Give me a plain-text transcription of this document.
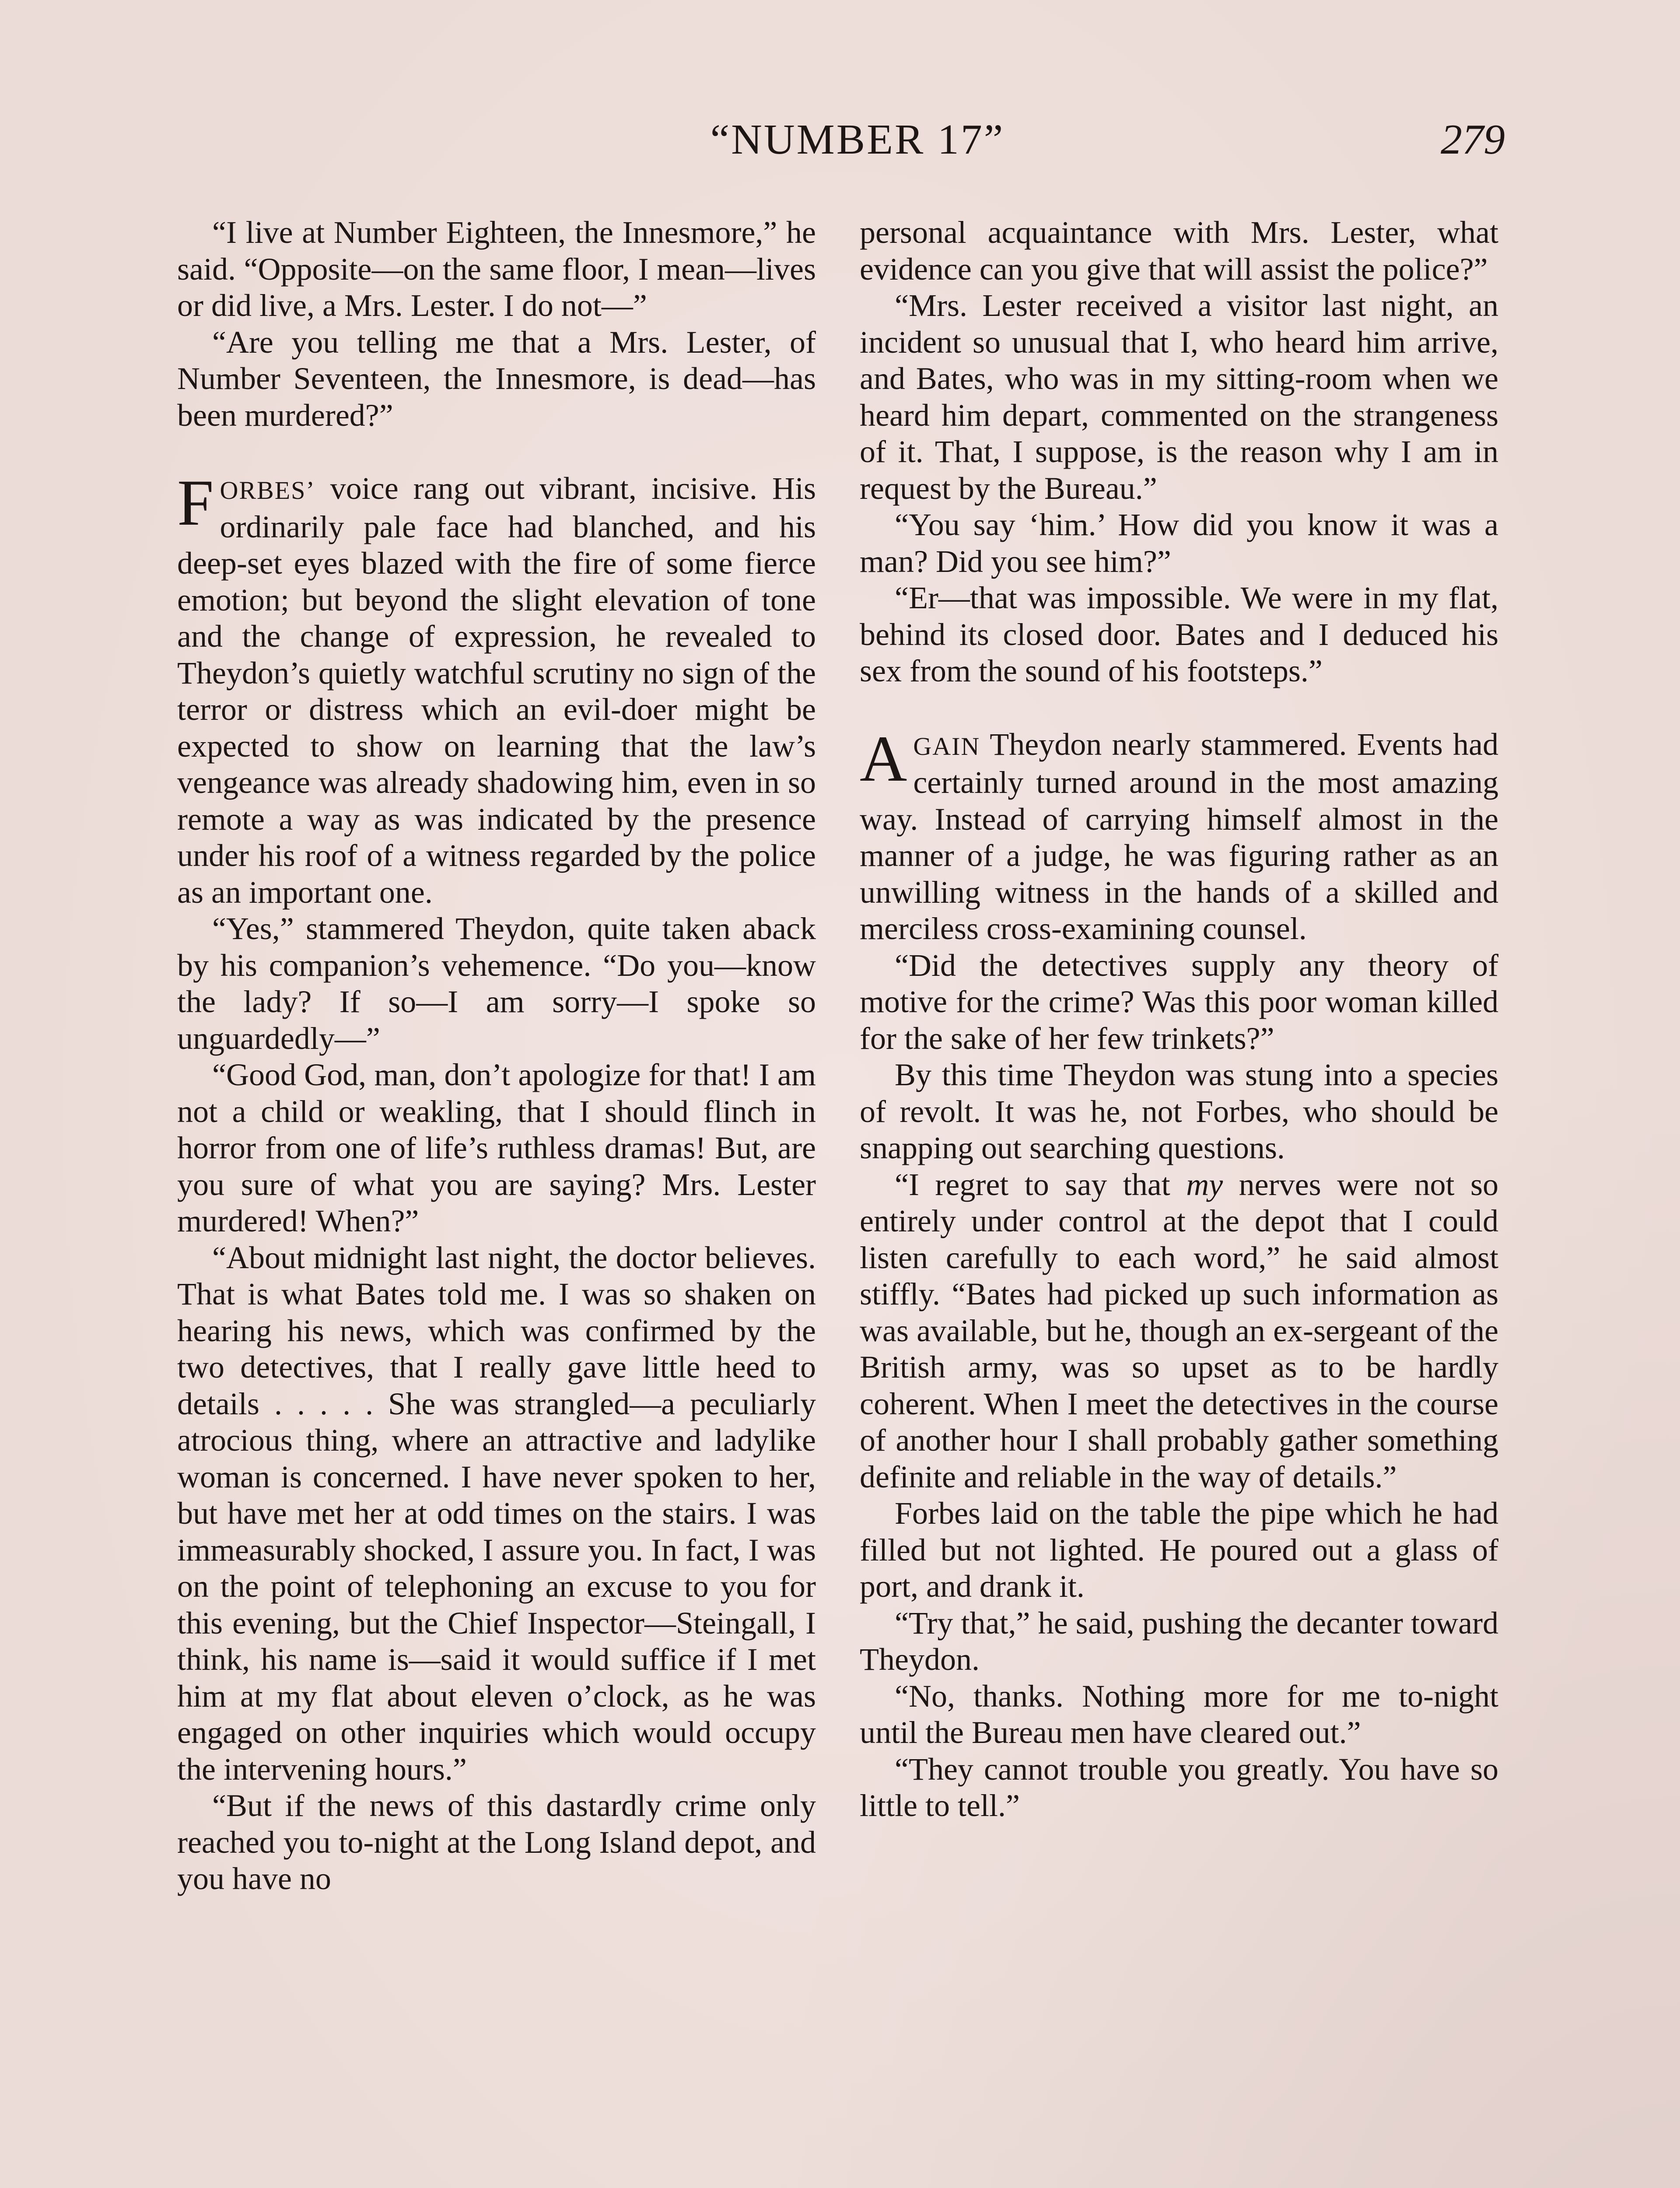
“NUMBER 17”	279

“I live at Number Eighteen, the Innesmore,” he said. “Opposite—on the same floor, I mean—lives or did live, a Mrs. Lester. I do not—”

“Are you telling me that a Mrs. Lester, of Number Seventeen, the Innesmore, is dead—has been murdered?”

FORBES’ voice rang out vibrant, incisive. His ordinarily pale face had blanched, and his deep-set eyes blazed with the fire of some fierce emotion; but beyond the slight elevation of tone and the change of expression, he revealed to Theydon’s quietly watchful scrutiny no sign of the terror or distress which an evil-doer might be expected to show on learning that the law’s vengeance was already shadowing him, even in so remote a way as was indicated by the presence under his roof of a witness regarded by the police as an important one.

“Yes,” stammered Theydon, quite taken aback by his companion’s vehemence. “Do you—know the lady? If so—I am sorry—I spoke so unguardedly—”

“Good God, man, don’t apologize for that! I am not a child or weakling, that I should flinch in horror from one of life’s ruthless dramas! But, are you sure of what you are saying? Mrs. Lester murdered! When?”

“About midnight last night, the doctor believes. That is what Bates told me. I was so shaken on hearing his news, which was confirmed by the two detectives, that I really gave little heed to details . . . . . She was strangled—a peculiarly atrocious thing, where an attractive and ladylike woman is concerned. I have never spoken to her, but have met her at odd times on the stairs. I was immeasurably shocked, I assure you. In fact, I was on the point of telephoning an excuse to you for this evening, but the Chief Inspector—Steingall, I think, his name is—said it would suffice if I met him at my flat about eleven o’clock, as he was engaged on other inquiries which would occupy the intervening hours.”

“But if the news of this dastardly crime only reached you to-night at the Long Island depot, and you have no

personal acquaintance with Mrs. Lester, what evidence can you give that will assist the police?”

“Mrs. Lester received a visitor last night, an incident so unusual that I, who heard him arrive, and Bates, who was in my sitting-room when we heard him depart, commented on the strangeness of it. That, I suppose, is the reason why I am in request by the Bureau.”

“You say ‘him.’ How did you know it was a man? Did you see him?”

“Er—that was impossible. We were in my flat, behind its closed door. Bates and I deduced his sex from the sound of his footsteps.”

AGAIN Theydon nearly stammered. Events had certainly turned around in the most amazing way. Instead of carrying himself almost in the manner of a judge, he was figuring rather as an unwilling witness in the hands of a skilled and merciless cross-examining counsel.

“Did the detectives supply any theory of motive for the crime? Was this poor woman killed for the sake of her few trinkets?”

By this time Theydon was stung into a species of revolt. It was he, not Forbes, who should be snapping out searching questions.

“I regret to say that my nerves were not so entirely under control at the depot that I could listen carefully to each word,” he said almost stiffly. “Bates had picked up such information as was available, but he, though an ex-sergeant of the British army, was so upset as to be hardly coherent. When I meet the detectives in the course of another hour I shall probably gather something definite and reliable in the way of details.”

Forbes laid on the table the pipe which he had filled but not lighted. He poured out a glass of port, and drank it.

“Try that,” he said, pushing the decanter toward Theydon.

“No, thanks. Nothing more for me to-night until the Bureau men have cleared out.”

“They cannot trouble you greatly. You have so little to tell.”
